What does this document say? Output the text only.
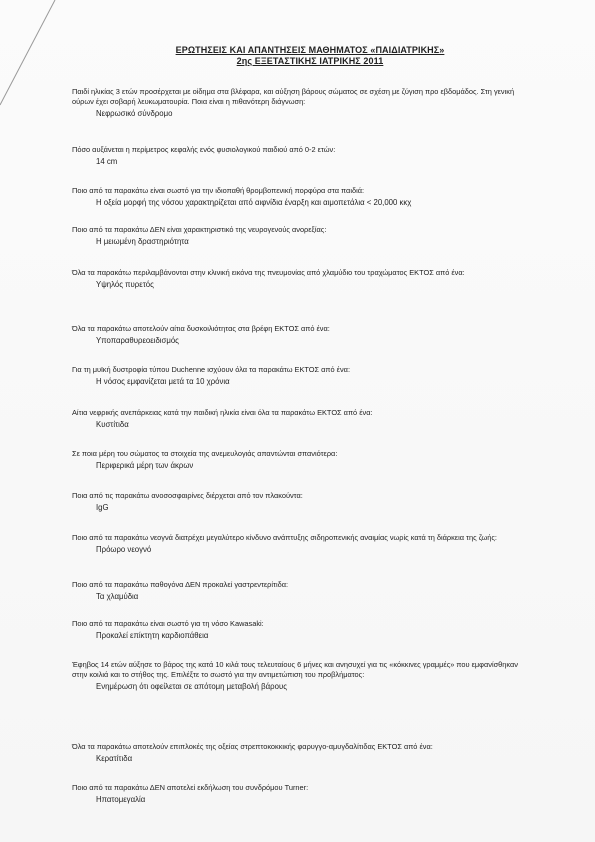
ΕΡΩΤΗΣΕΙΣ ΚΑΙ ΑΠΑΝΤΗΣΕΙΣ ΜΑΘΗΜΑΤΟΣ «ΠΑΙΔΙΑΤΡΙΚΗΣ»
2ης ΕΞΕΤΑΣΤΙΚΗΣ ΙΑΤΡΙΚΗΣ 2011

Παιδί ηλικίας 3 ετών προσέρχεται με οίδημα στα βλέφαρα, και αύξηση βάρους σώματος σε σχέση με ζύγιση προ εβδομάδος. Στη γενική ούρων έχει σοβαρή λευκωματουρία. Ποια είναι η πιθανότερη διάγνωση:

Νεφρωσικό σύνδρομο

Πόσο αυξάνεται η περίμετρος κεφαλής ενός φυσιολογικού παιδιού από 0-2 ετών:

14 cm

Ποιο από τα παρακάτω είναι σωστό για την ιδιοπαθή θρομβοπενική πορφύρα στα παιδιά:

Η οξεία μορφή της νόσου χαρακτηρίζεται από αιφνίδια έναρξη και αιμοπετάλια < 20,000 κκχ

Ποιο από τα παρακάτω ΔΕΝ είναι χαρακτηριστικό της νευρογενούς ανορεξίας:

Η μειωμένη δραστηριότητα

Όλα τα παρακάτω περιλαμβάνονται στην κλινική εικόνα της πνευμονίας από χλαμύδιο του τραχώματος ΕΚΤΟΣ από ένα:

Υψηλός πυρετός

Όλα τα παρακάτω αποτελούν αίτια δυσκοιλιότητας στα βρέφη ΕΚΤΟΣ από ένα:

Υποπαραθυρεοειδισμός

Για τη μυϊκή δυστροφία τύπου Duchenne ισχύουν όλα τα παρακάτω ΕΚΤΟΣ από ένα:

Η νόσος εμφανίζεται μετά τα 10 χρόνια

Αίτια νεφρικής ανεπάρκειας κατά την παιδική ηλικία είναι όλα τα παρακάτω ΕΚΤΟΣ από ένα:

Κυστίτιδα

Σε ποια μέρη του σώματος τα στοιχεία της ανεμευλογιάς απαντώνται σπανιότερα:

Περιφερικά μέρη των άκρων

Ποια από τις παρακάτω ανοσοσφαιρίνες διέρχεται από τον πλακούντα:

IgG

Ποιο από τα παρακάτω νεογνά διατρέχει μεγαλύτερο κίνδυνο ανάπτυξης σιδηροπενικής αναιμίας νωρίς κατά τη διάρκεια της ζωής:

Πρόωρο νεογνό

Ποιο από τα παρακάτω παθογόνα ΔΕΝ προκαλεί γαστρεντερίτιδα:

Τα χλαμύδια

Ποιο από τα παρακάτω είναι σωστό για τη νόσο Kawasaki:

Προκαλεί επίκτητη καρδιοπάθεια

Έφηβος 14 ετών αύξησε το βάρος της κατά 10 κιλά τους τελευταίους 6 μήνες και ανησυχεί για τις «κόκκινες γραμμές» που εμφανίσθηκαν στην κοιλιά και το στήθος της. Επιλέξτε το σωστό για την αντιμετώπιση του προβλήματος:

Ενημέρωση ότι οφείλεται σε απότομη μεταβολή βάρους

Όλα τα παρακάτω αποτελούν επιπλοκές της οξείας στρεπτοκοκκικής φαρυγγο-αμυγδαλίτιδας ΕΚΤΟΣ από ένα:

Κερατίτιδα

Ποιο από τα παρακάτω ΔΕΝ αποτελεί εκδήλωση του συνδρόμου Turner:

Ηπατομεγαλία
